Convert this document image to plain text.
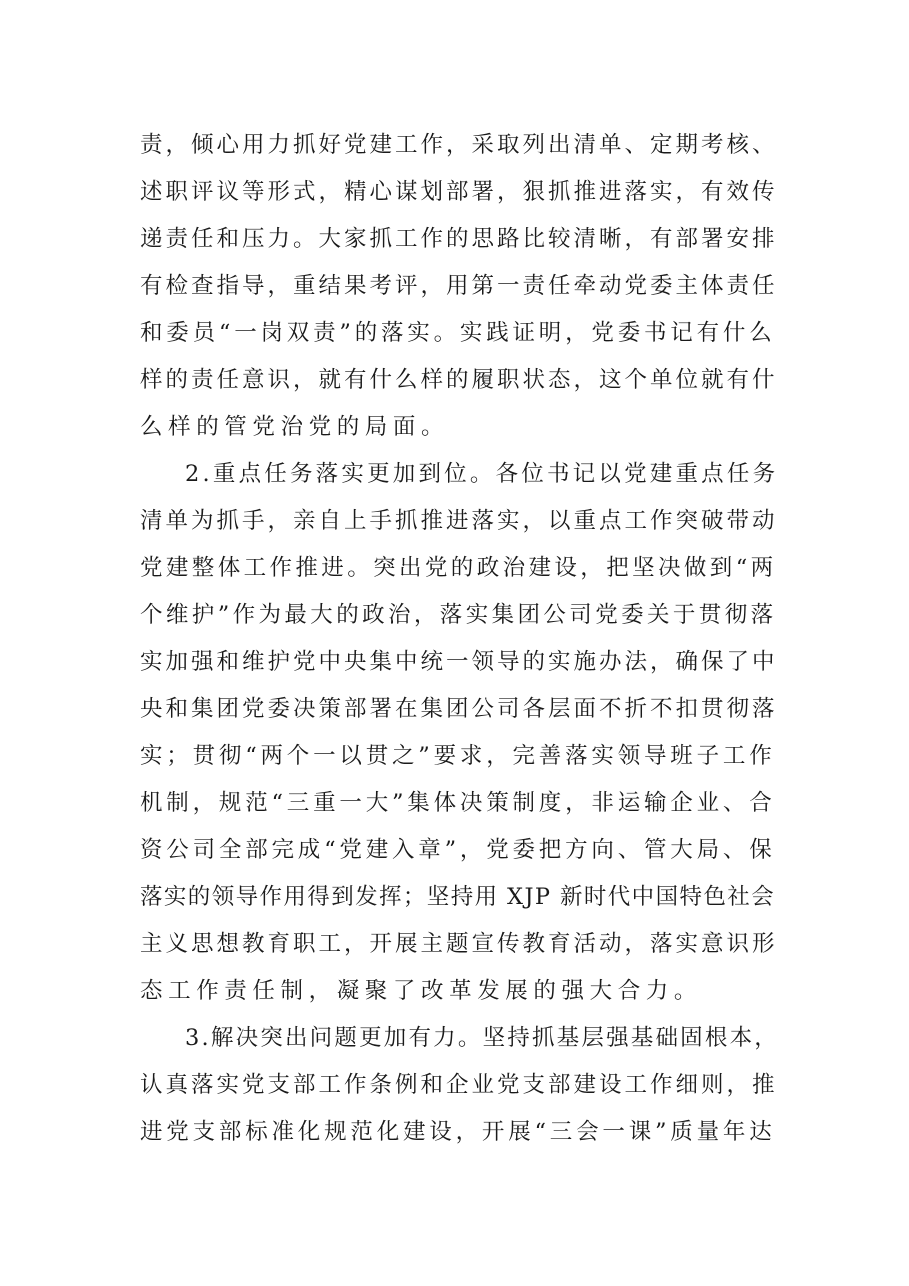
责，倾心用力抓好党建工作，采取列出清单、定期考核、
述职评议等形式，精心谋划部署，狠抓推进落实，有效传
递责任和压力。大家抓工作的思路比较清晰，有部署安排
有检查指导，重结果考评，用第一责任牵动党委主体责任
和委员“一岗双责”的落实。实践证明，党委书记有什么
样的责任意识，就有什么样的履职状态，这个单位就有什
么样的管党治党的局面。
2.重点任务落实更加到位。各位书记以党建重点任务
清单为抓手，亲自上手抓推进落实，以重点工作突破带动
党建整体工作推进。突出党的政治建设，把坚决做到“两
个维护”作为最大的政治，落实集团公司党委关于贯彻落
实加强和维护党中央集中统一领导的实施办法，确保了中
央和集团党委决策部署在集团公司各层面不折不扣贯彻落
实；贯彻“两个一以贯之”要求，完善落实领导班子工作
机制，规范“三重一大”集体决策制度，非运输企业、合
资公司全部完成“党建入章”，党委把方向、管大局、保
落实的领导作用得到发挥；坚持用 XJP 新时代中国特色社会
主义思想教育职工，开展主题宣传教育活动，落实意识形
态工作责任制，凝聚了改革发展的强大合力。
3.解决突出问题更加有力。坚持抓基层强基础固根本，
认真落实党支部工作条例和企业党支部建设工作细则，推
进党支部标准化规范化建设，开展“三会一课”质量年达
